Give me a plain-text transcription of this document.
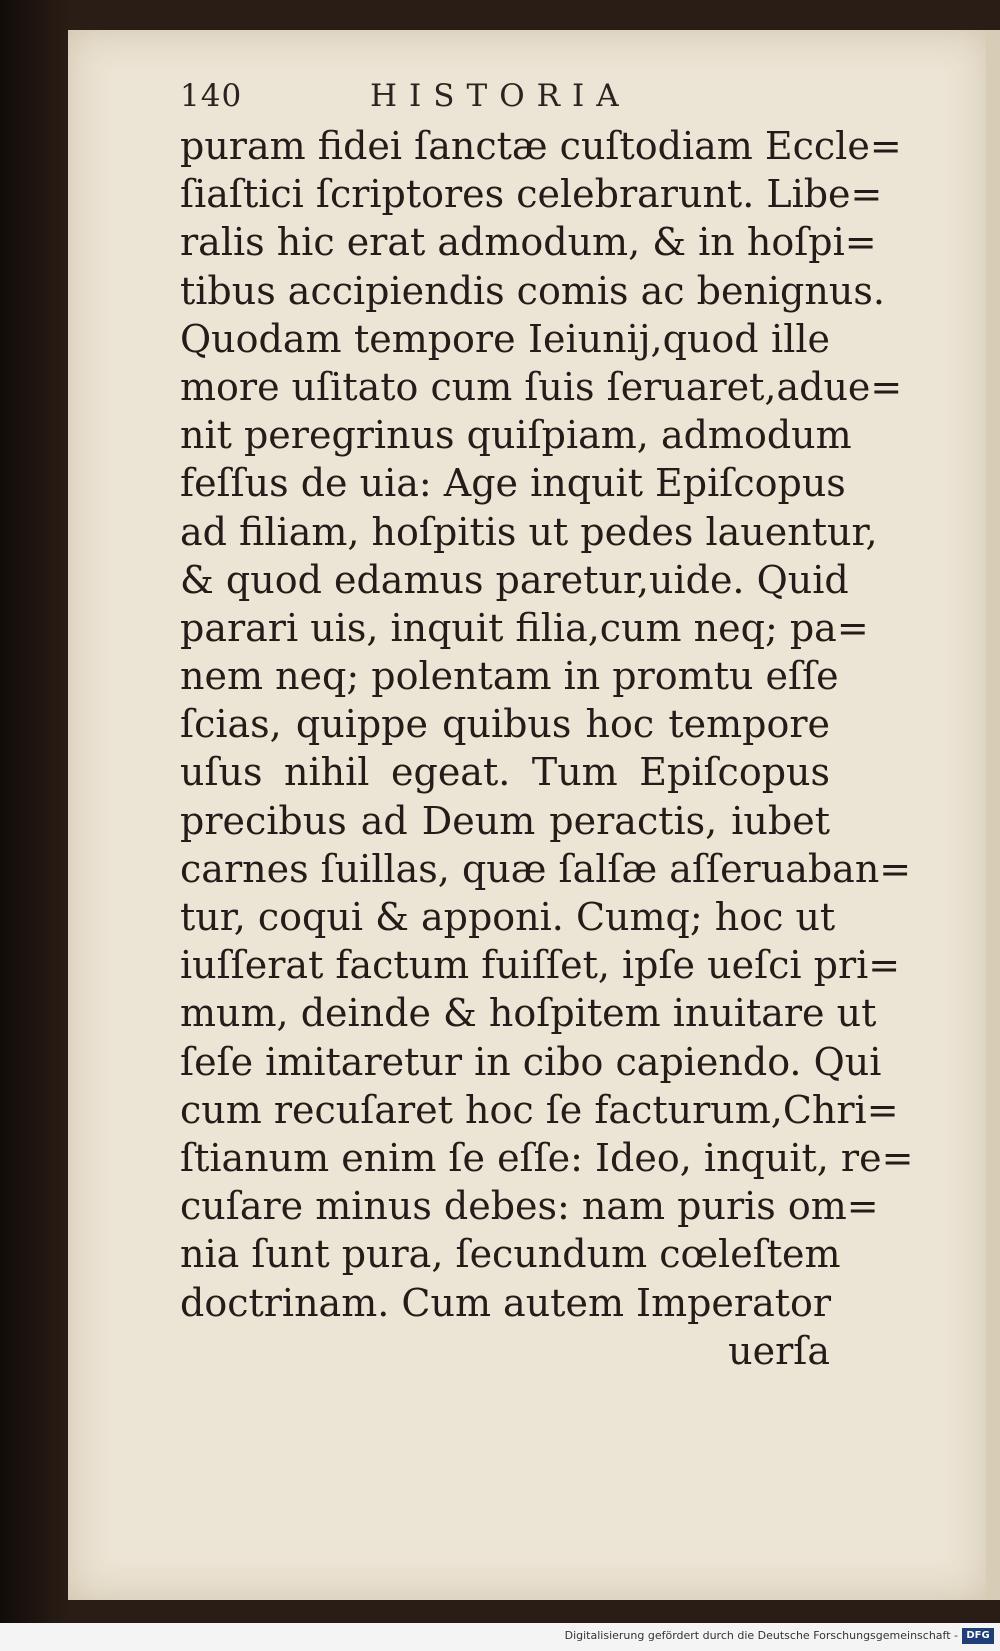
140	HISTORIA
puram fidei ſanctæ cuſtodiam Eccle=
ſiaſtici ſcriptores celebrarunt. Libe=
ralis hic erat admodum, & in hoſpi=
tibus accipiendis comis ac benignus.
Quodam tempore Ieiunij,quod ille
more uſitato cum ſuis ſeruaret,adue=
nit peregrinus quiſpiam, admodum
feſſus de uia: Age inquit Epiſcopus
ad filiam, hoſpitis ut pedes lauentur,
& quod edamus paretur,uide. Quid
parari uis, inquit filia,cum neq; pa=
nem neq; polentam in promtu eſſe
ſcias, quippe quibus hoc tempore
uſus nihil egeat. Tum Epiſcopus
precibus ad Deum peractis, iubet
carnes ſuillas, quæ ſalſæ aſſeruaban=
tur, coqui & apponi. Cumq; hoc ut
iuſſerat factum fuiſſet, ipſe ueſci pri=
mum, deinde & hoſpitem inuitare ut
ſeſe imitaretur in cibo capiendo. Qui
cum recuſaret hoc ſe facturum,Chri=
ſtianum enim ſe eſſe: Ideo, inquit, re=
cuſare minus debes: nam puris om=
nia ſunt pura, ſecundum cœleſtem
doctrinam. Cum autem Imperator
uerſa
Digitalisierung gefördert durch die Deutsche Forschungsgemeinschaft - DFG
